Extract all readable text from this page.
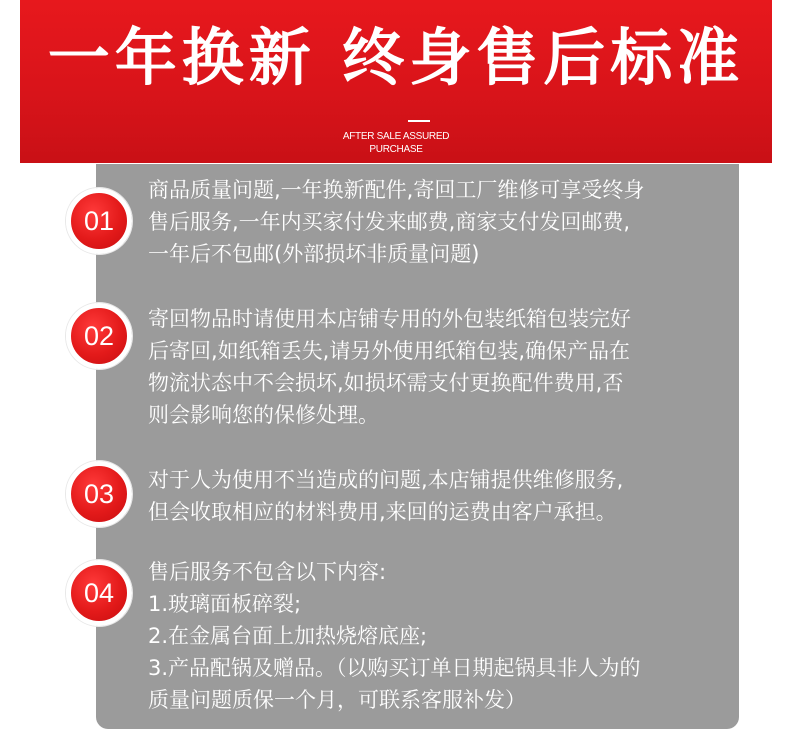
一年换新 终身售后标准
AFTER SALE ASSURED
PURCHASE
01
商品质量问题,一年换新配件,寄回工厂维修可享受终身
售后服务,一年内买家付发来邮费,商家支付发回邮费,
一年后不包邮(外部损坏非质量问题)
02
寄回物品时请使用本店铺专用的外包装纸箱包装完好
后寄回,如纸箱丢失,请另外使用纸箱包装,确保产品在
物流状态中不会损坏,如损坏需支付更换配件费用,否
则会影响您的保修处理。
03	对于人为使用不当造成的问题,本店铺提供维修服务,
但会收取相应的材料费用,来回的运费由客户承担。
04
售后服务不包含以下内容:
1.玻璃面板碎裂;
2.在金属台面上加热烧熔底座;
3.产品配锅及赠品。（以购买订单日期起锅具非人为的
质量问题质保一个月，可联系客服补发）
